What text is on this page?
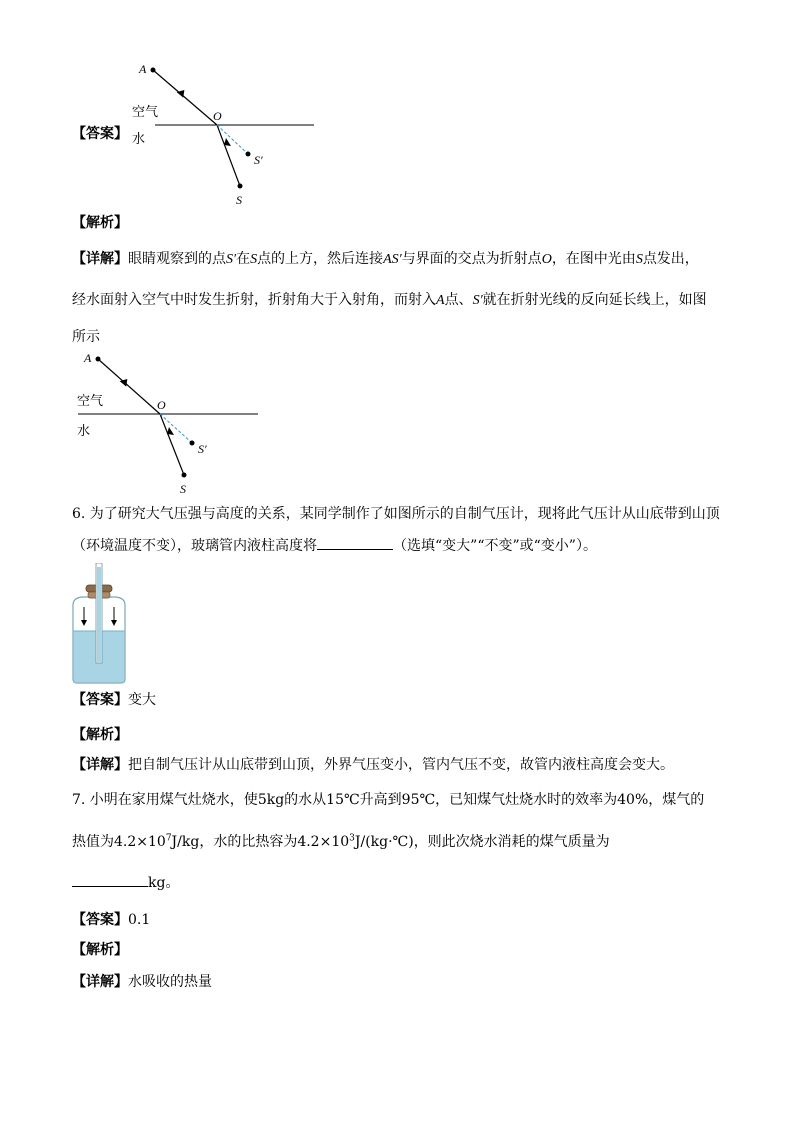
【答案】
A
O
S′
S
空气
水
【解析】
【详解】眼睛观察到的点S′在S点的上方，然后连接AS′与界面的交点为折射点O，在图中光由S点发出，
经水面射入空气中时发生折射，折射角大于入射角，而射入A点、S′就在折射光线的反向延长线上，如图
所示
A
O
S′
S
空气
水
6. 为了研究大气压强与高度的关系，某同学制作了如图所示的自制气压计，现将此气压计从山底带到山顶
（环境温度不变），玻璃管内液柱高度将	（选填“变大”“不变”或“变小”）。
【答案】变大
【解析】
【详解】把自制气压计从山底带到山顶，外界气压变小，管内气压不变，故管内液柱高度会变大。
7. 小明在家用煤气灶烧水，使5kg的水从15℃升高到95℃，已知煤气灶烧水时的效率为40%，煤气的
热值为$4.2\times 10^7J/kg$，水的比热容为$4.2\times 10^3J/(kg\cdot℃)$，则此次烧水消耗的煤气质量为
kg。
【答案】0.1
【解析】
【详解】水吸收的热量
